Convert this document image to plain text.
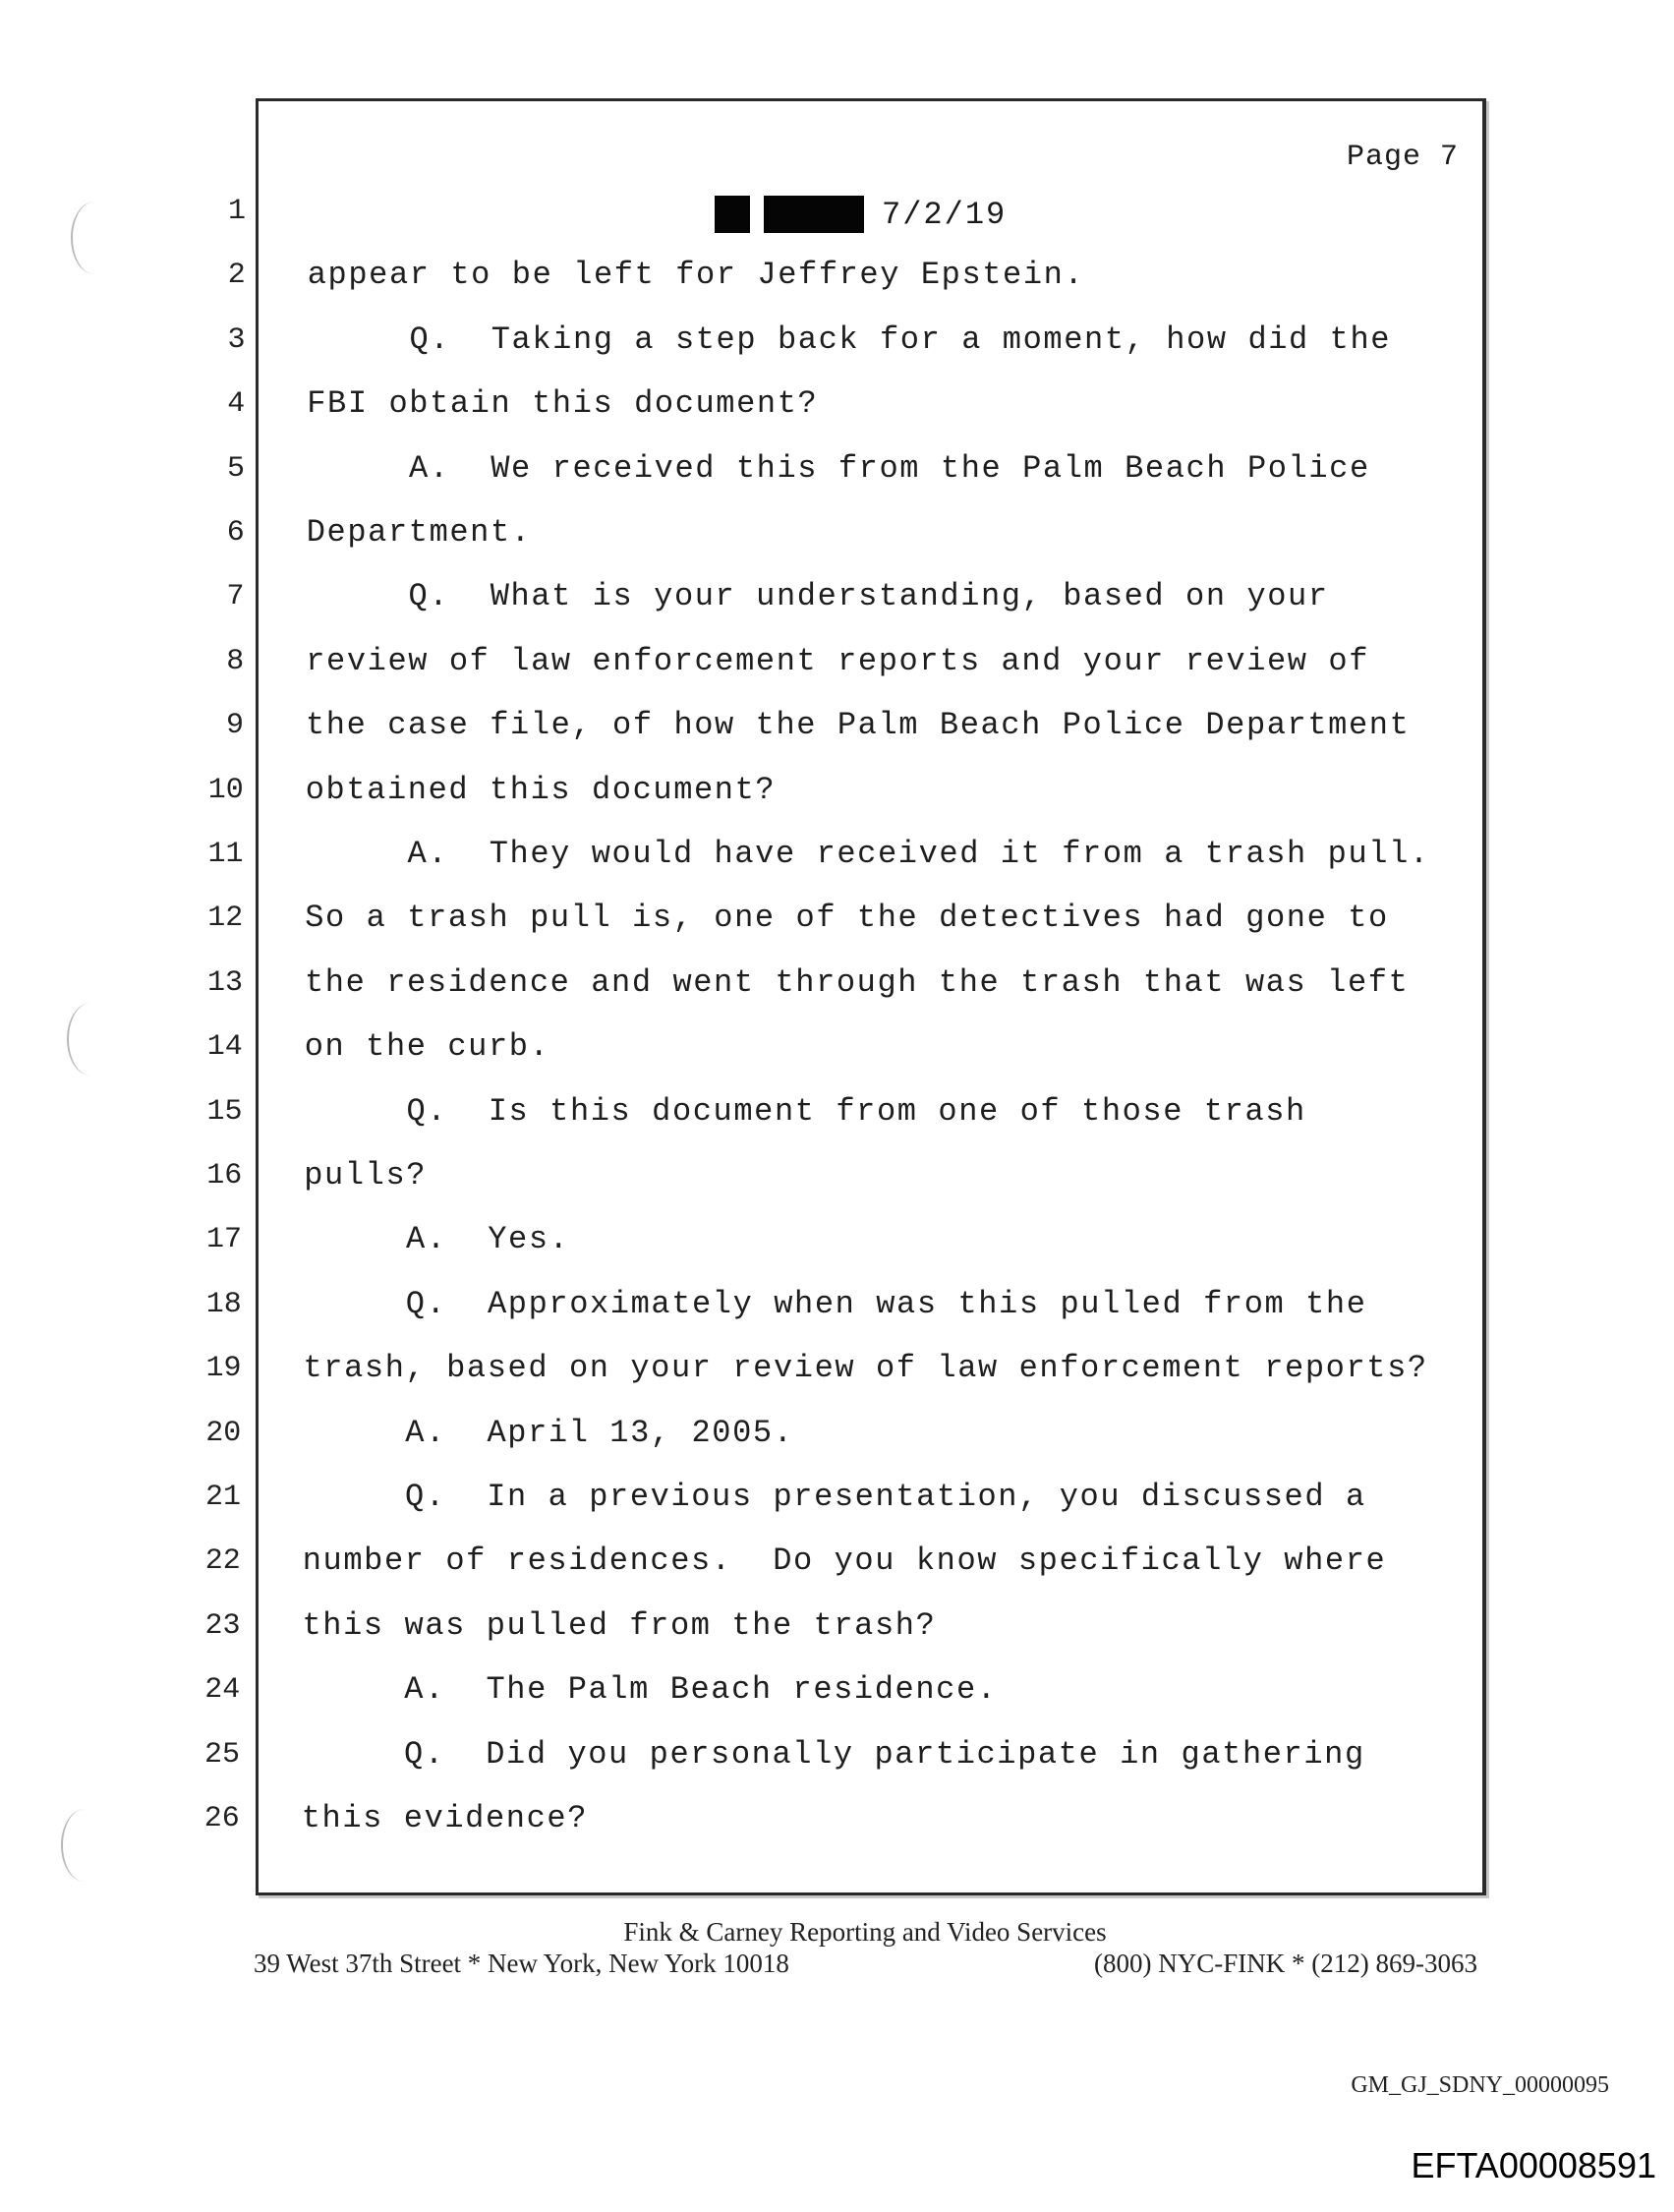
Page 7
7/2/19
1
2 appear to be left for Jeffrey Epstein.
3 Q.  Taking a step back for a moment, how did the
4 FBI obtain this document?
5 A.  We received this from the Palm Beach Police
6 Department.
7 Q.  What is your understanding, based on your
8 review of law enforcement reports and your review of
9 the case file, of how the Palm Beach Police Department
10 obtained this document?
11 A.  They would have received it from a trash pull.
12 So a trash pull is, one of the detectives had gone to
13 the residence and went through the trash that was left
14 on the curb.
15 Q.  Is this document from one of those trash
16 pulls?
17 A.  Yes.
18 Q.  Approximately when was this pulled from the
19 trash, based on your review of law enforcement reports?
20 A.  April 13, 2005.
21 Q.  In a previous presentation, you discussed a
22 number of residences.  Do you know specifically where
23 this was pulled from the trash?
24 A.  The Palm Beach residence.
25 Q.  Did you personally participate in gathering
26 this evidence?
Fink & Carney Reporting and Video Services
39 West 37th Street * New York, New York 10018	(800) NYC-FINK * (212) 869-3063
GM_GJ_SDNY_00000095
EFTA00008591
